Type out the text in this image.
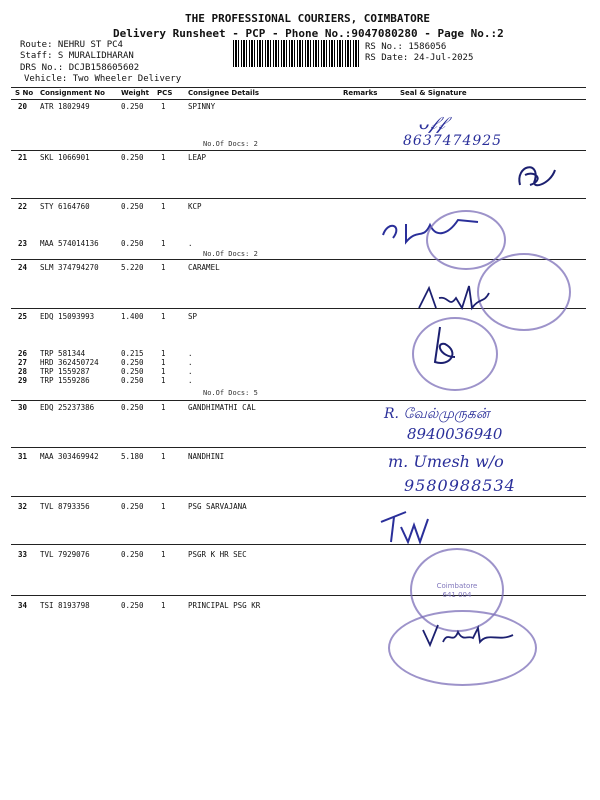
THE PROFESSIONAL COURIERS, COIMBATORE
Delivery Runsheet - PCP - Phone No.:9047080280 - Page No.:2
Route: NEHRU ST PC4
Staff: S MURALIDHARAN
DRS No.: DCJB158605602
Vehicle: Two Wheeler Delivery
RS No.: 1586056
RS Date: 24-Jul-2025
S No Consignment No Weight PCS Consignee Details	Remarks	Seal & Signature
20 ATR 1802949	0.250 1	SPINNY
No.Of Docs: 2
21 SKL 1066901	0.250 1	LEAP
22 STY 6164760	0.250 1	KCP
23 MAA 574014136	0.250 1	.
No.Of Docs: 2
24 SLM 374794270	5.220 1	CARAMEL
25 EDQ 15093993	1.400 1	SP
26 TRP 581344	0.215 1	.
27 HRD 362450724	0.250 1	.
28 TRP 1559287	0.250 1	.
29 TRP 1559286	0.250 1	.
No.Of Docs: 5
30 EDQ 25237386	0.250 1	GANDHIMATHI CAL
31 MAA 303469942	5.180 1	NANDHINI
32 TVL 8793356	0.250 1	PSG SARVAJANA
33 TVL 7929076	0.250 1	PSGR K HR SEC
34 TSI 8193798	0.250 1	PRINCIPAL PSG KR
ᴗ𝒻𝒻
8637474925
R. வேல்முருகன்
8940036940
m. Umesh w/o
9580988534
Coimbatore
641 004
